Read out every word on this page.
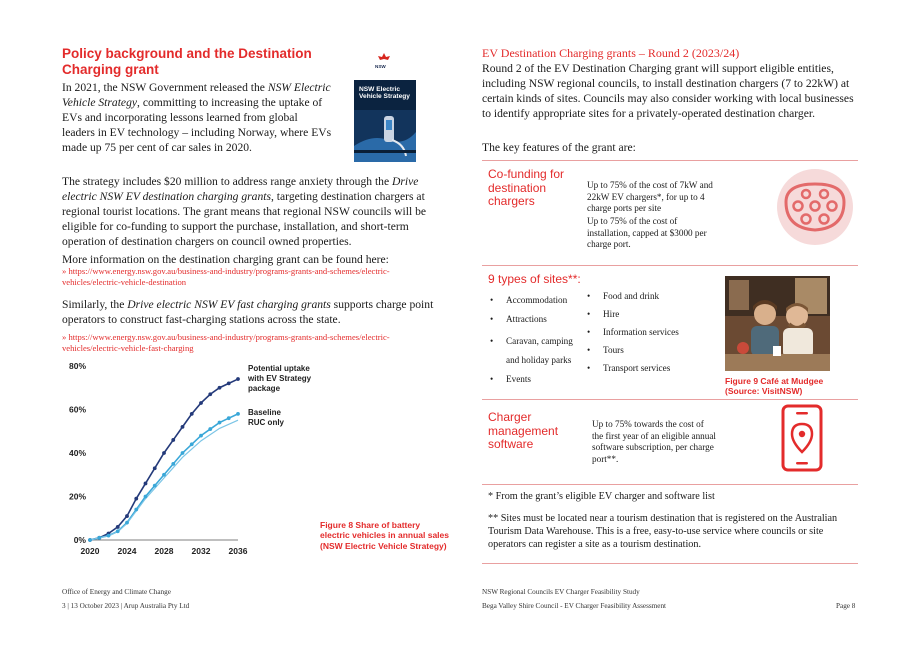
Policy background and the Destination Charging grant
In 2021, the NSW Government released the NSW Electric Vehicle Strategy, committing to increasing the uptake of EVs and incorporating lessons learned from global leaders in EV technology – including Norway, where EVs made up 75 per cent of car sales in 2020.
NSW
NSW Electric Vehicle Strategy
The strategy includes $20 million to address range anxiety through the Drive electric NSW EV destination charging grants, targeting destination chargers at regional tourist locations. The grant means that regional NSW councils will be eligible for co-funding to support the purchase, installation, and short-term operation of destination chargers on council owned properties.
More information on the destination charging grant can be found here:
» https://www.energy.nsw.gov.au/business-and-industry/programs-grants-and-schemes/electric-vehicles/electric-vehicle-destination
Similarly, the Drive electric NSW EV fast charging grants supports charge point operators to construct fast-charging stations across the state.
» https://www.energy.nsw.gov.au/business-and-industry/programs-grants-and-schemes/electric-vehicles/electric-vehicle-fast-charging
0%
20%
40%
60%
80%
2020 2024 2028 2032 2036
Potential uptake
with EV Strategy
package
Baseline
RUC only
Figure 8 Share of battery electric vehicles in annual sales (NSW Electric Vehicle Strategy)
Office of Energy and Climate Change
3 | 13 October 2023 | Arup Australia Pty Ltd
EV Destination Charging grants – Round 2 (2023/24)
Round 2 of the EV Destination Charging grant will support eligible entities, including NSW regional councils, to install destination chargers (7 to 22kW) at certain kinds of sites. Councils may also consider working with local businesses to identify appropriate sites for a privately-operated destination charger.
The key features of the grant are:
Co-funding for destination chargers
Up to 75% of the cost of 7kW and 22kW EV chargers*, for up to 4 charge ports per site
Up to 75% of the cost of installation, capped at $3000 per charge port.
9 types of sites**:
• Accommodation
• Attractions
• Caravan, camping and holiday parks
• Events
• Food and drink
• Hire
• Information services
• Tours
• Transport services
Figure 9 Café at Mudgee (Source: VisitNSW)
Charger management software
Up to 75% towards the cost of the first year of an eligible annual software subscription, per charge port**.
* From the grant’s eligible EV charger and software list
** Sites must be located near a tourism destination that is registered on the Australian Tourism Data Warehouse. This is a free, easy-to-use service where councils or site operators can register a site as a tourism destination.
NSW Regional Councils EV Charger Feasibility Study
Bega Valley Shire Council - EV Charger Feasibility Assessment	Page 8
